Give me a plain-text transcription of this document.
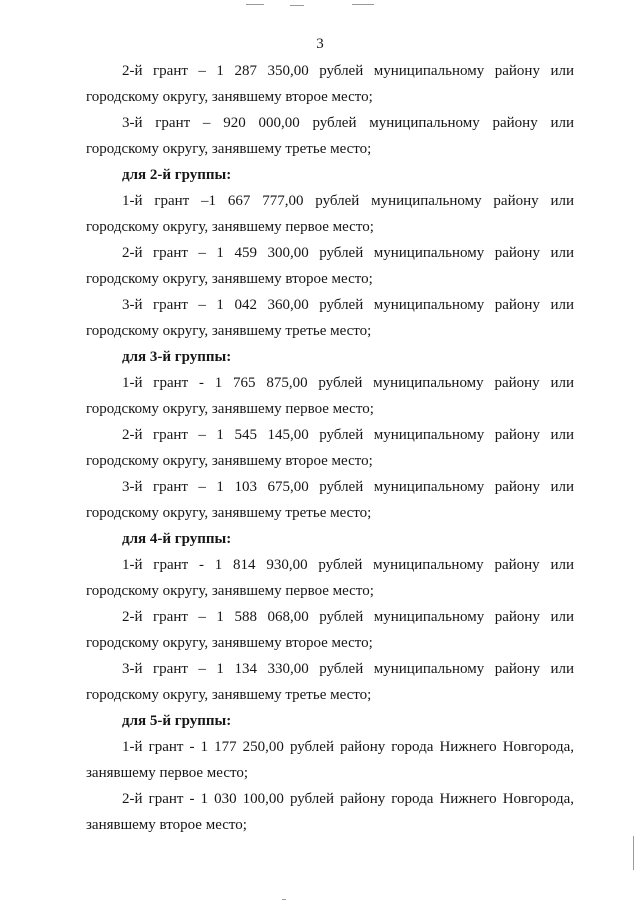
3
2-й грант – 1 287 350,00 рублей муниципальному району или
городскому округу, занявшему второе место;
3-й грант – 920 000,00 рублей муниципальному району или
городскому округу, занявшему третье место;
для 2-й группы:
1-й грант –1 667 777,00 рублей муниципальному району или
городскому округу, занявшему первое место;
2-й грант – 1 459 300,00 рублей муниципальному району или
городскому округу, занявшему второе место;
3-й грант – 1 042 360,00 рублей муниципальному району или
городскому округу, занявшему третье место;
для 3-й группы:
1-й грант - 1 765 875,00 рублей муниципальному району или
городскому округу, занявшему первое место;
2-й грант – 1 545 145,00 рублей муниципальному району или
городскому округу, занявшему второе место;
3-й грант – 1 103 675,00 рублей муниципальному району или
городскому округу, занявшему третье место;
для 4-й группы:
1-й грант - 1 814 930,00 рублей муниципальному району или
городскому округу, занявшему первое место;
2-й грант – 1 588 068,00 рублей муниципальному району или
городскому округу, занявшему второе место;
3-й грант – 1 134 330,00 рублей муниципальному району или
городскому округу, занявшему третье место;
для 5-й группы:
1-й грант - 1 177 250,00 рублей району города Нижнего Новгорода,
занявшему первое место;
2-й грант - 1 030 100,00 рублей району города Нижнего Новгорода,
занявшему второе место;
